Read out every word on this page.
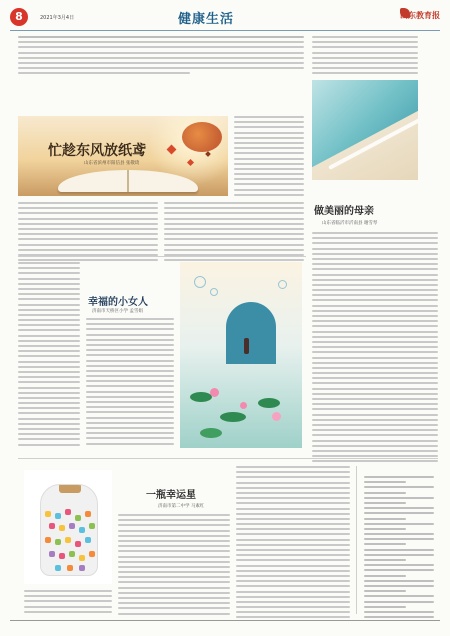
8	2021年3月4日	健康生活	山东教育报
忙趁东风放纸鸢
山东省滨州市阳信县 张敬琦
做美丽的母亲
山东省临沂市沂南县 谢雪琴
幸福的小女人
济南市天桥区小学 孟雪娟
一瓶幸运星
济南市第二中学 马素红
